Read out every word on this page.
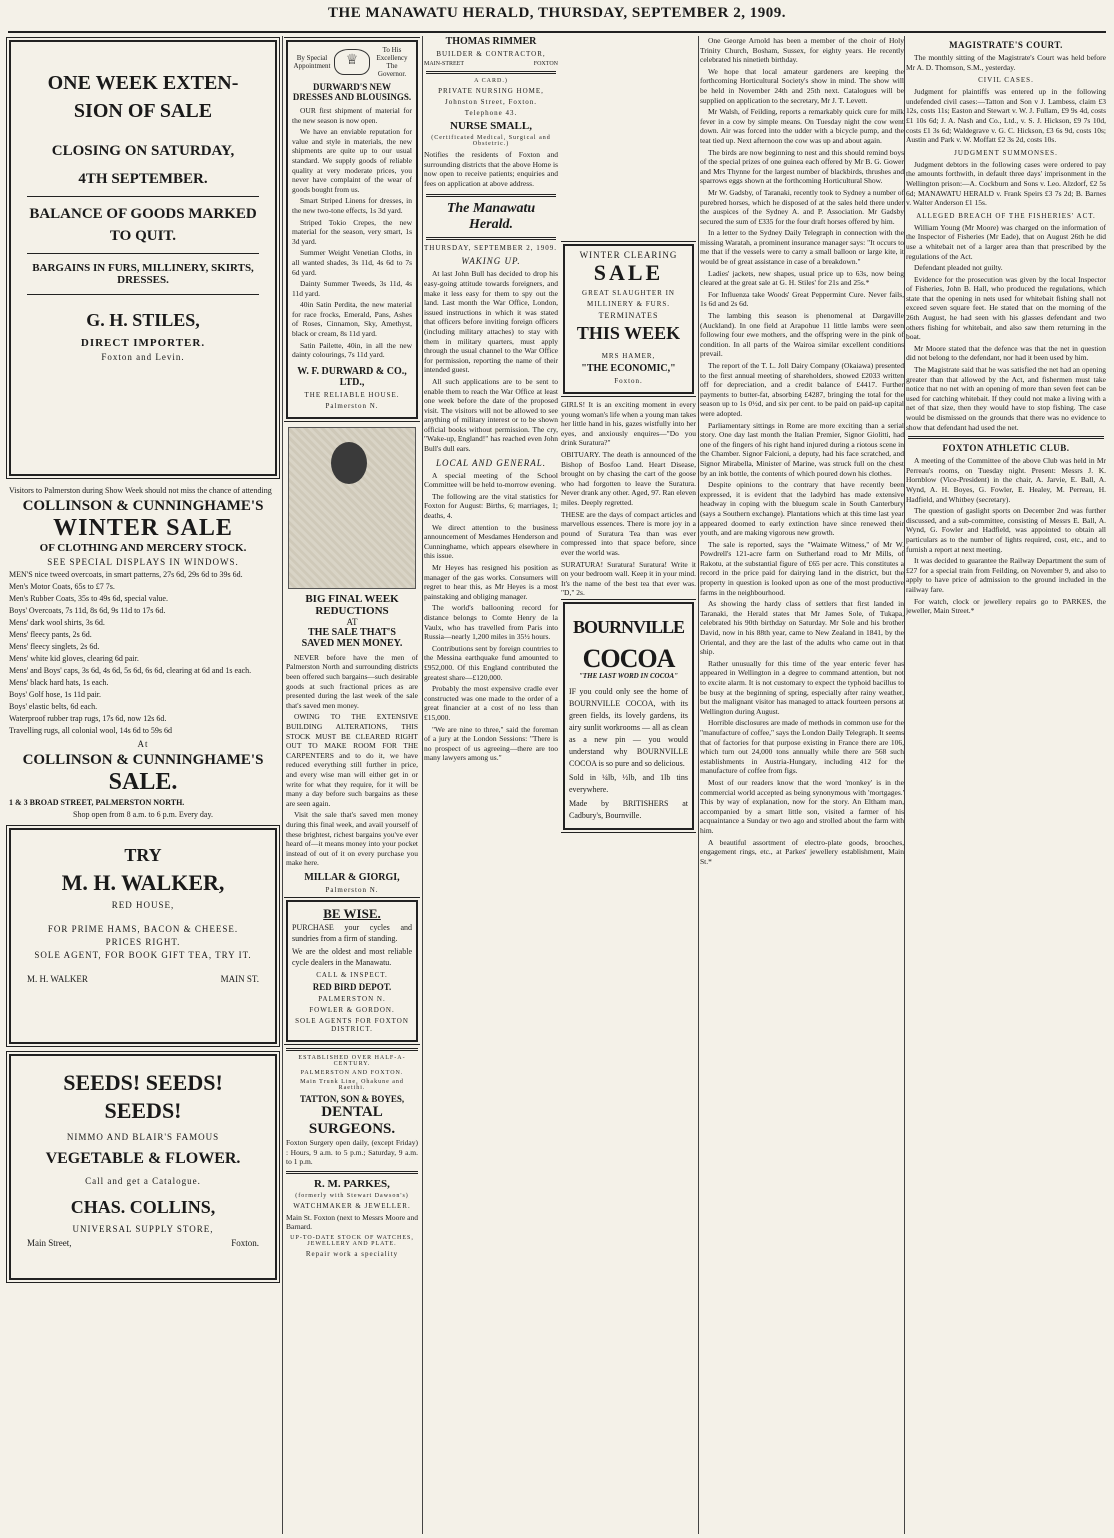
THE MANAWATU HERALD, THURSDAY, SEPTEMBER 2, 1909.
ONE WEEK EXTEN-
SION OF SALE
CLOSING ON SATURDAY,
4TH SEPTEMBER.
BALANCE OF GOODS MARKED TO QUIT.
BARGAINS IN FURS, MILLINERY, SKIRTS, DRESSES.
G. H. STILES,
DIRECT IMPORTER.
Foxton and Levin.
Visitors to Palmerston during Show Week should not miss the chance of attending
COLLINSON & CUNNINGHAME'S
WINTER SALE
OF CLOTHING AND MERCERY STOCK.
SEE SPECIAL DISPLAYS IN WINDOWS.
MEN'S nice tweed overcoats, in smart patterns, 27s 6d, 29s 6d to 39s 6d.
Men's Motor Coats, 65s to £7 7s.
Men's Rubber Coats, 35s to 49s 6d, special value.
Boys' Overcoats, 7s 11d, 8s 6d, 9s 11d to 17s 6d.
Mens' dark wool shirts, 3s 6d.
Mens' fleecy pants, 2s 6d.
Mens' fleecy singlets, 2s 6d.
Mens' white kid gloves, clearing 6d pair.
Mens' and Boys' caps, 3s 6d, 4s 6d, 5s 6d, 6s 6d, clearing at 6d and 1s each.
Mens' black hard hats, 1s each.
Boys' Golf hose, 1s 11d pair.
Boys' elastic belts, 6d each.
Waterproof rubber trap rugs, 17s 6d, now 12s 6d.
Travelling rugs, all colonial wool, 14s 6d to 59s 6d
At
COLLINSON & CUNNINGHAME'S
SALE.
1 & 3 BROAD STREET, PALMERSTON NORTH.
Shop open from 8 a.m. to 6 p.m. Every day.
TRY
M. H. WALKER,
RED HOUSE,
FOR PRIME HAMS, BACON & CHEESE.
PRICES RIGHT.
SOLE AGENT, FOR BOOK GIFT TEA, TRY IT.
M. H. WALKER	MAIN ST.
SEEDS! SEEDS!
SEEDS!
NIMMO AND BLAIR'S FAMOUS
VEGETABLE & FLOWER.
Call and get a Catalogue.
CHAS. COLLINS,
UNIVERSAL SUPPLY STORE,
Main Street,	Foxton.
By Special Appointment	♕
To His Excellency The Governor.
DURWARD'S NEW DRESSES AND BLOUSINGS.
OUR first shipment of material for the new season is now open.
We have an enviable reputation for value and style in materials, the new shipments are quite up to our usual standard. We supply goods of reliable quality at very moderate prices, you never have complaint of the wear of goods bought from us.
Smart Striped Linens for dresses, in the new two-tone effects, 1s 3d yard.
Striped Tokio Crepes, the new material for the season, very smart, 1s 3d yard.
Summer Weight Venetian Cloths, in all wanted shades, 3s 11d, 4s 6d to 7s 6d yard.
Dainty Summer Tweeds, 3s 11d, 4s 11d yard.
40in Satin Perdita, the new material for race frocks, Emerald, Pans, Ashes of Roses, Cinnamon, Sky, Amethyst, black or cream, 8s 11d yard.
Satin Pailette, 40in, in all the new dainty colourings, 7s 11d yard.
W. F. DURWARD & CO., LTD.,
THE RELIABLE HOUSE.
Palmerston N.
BIG FINAL WEEK
REDUCTIONS
AT
THE SALE THAT'S
SAVED MEN MONEY.
NEVER before have the men of Palmerston North and surrounding districts been offered such bargains—such desirable goods at such fractional prices as are presented during the last week of the sale that's saved men money.
OWING TO THE EXTENSIVE BUILDING ALTERATIONS, THIS STOCK MUST BE CLEARED RIGHT OUT TO MAKE ROOM FOR THE CARPENTERS and to do it, we have reduced everything still further in price, and every wise man will either get in or write for what they require, for it will be many a day before such bargains as these are seen again.
Visit the sale that's saved men money during this final week, and avail yourself of these brightest, richest bargains you've ever heard of—it means money into your pocket instead of out of it on every purchase you make here.
MILLAR & GIORGI,
Palmerston N.
BE WISE.
PURCHASE your cycles and sundries from a firm of standing.
We are the oldest and most reliable cycle dealers in the Manawatu.
CALL & INSPECT.
RED BIRD DEPOT.
PALMERSTON N.
FOWLER & GORDON.
SOLE AGENTS FOR FOXTON DISTRICT.
ESTABLISHED OVER HALF-A-CENTURY.
PALMERSTON AND FOXTON.
Main Trunk Line, Ohakune and Raetihi.
TATTON, SON & BOYES,
DENTAL SURGEONS.
Foxton Surgery open daily, (except Friday) : Hours, 9 a.m. to 5 p.m.; Saturday, 9 a.m. to 1 p.m.
R. M. PARKES,
(formerly with Stewart Dawson's)
WATCHMAKER & JEWELLER.
Main St. Foxton (next to Messrs Moore and Barnard.
UP-TO-DATE STOCK OF WATCHES, JEWELLERY AND PLATE.
Repair work a speciality
THOMAS RIMMER
BUILDER & CONTRACTOR,
MAIN-STREET	FOXTON
A CARD.)
PRIVATE NURSING HOME,
Johnston Street, Foxton.
Telephone 43.
NURSE SMALL,
(Certificated Medical, Surgical and Obstetric.)
Notifies the residents of Foxton and surrounding districts that the above Home is now open to receive patients; enquiries and fees on application at above address.
The Manawatu Herald.
THURSDAY, SEPTEMBER 2, 1909.
WAKING UP.
At last John Bull has decided to drop his easy-going attitude towards foreigners, and make it less easy for them to spy out the land. Last month the War Office, London, issued instructions in which it was stated that officers before inviting foreign officers (including military attaches) to stay with them in military quarters, must apply through the usual channel to the War Office for permission, reporting the name of their intended guest.
All such applications are to be sent to enable them to reach the War Office at least one week before the date of the proposed visit. The visitors will not be allowed to see anything of military interest or to be shown official books without permission. The cry, "Wake-up, England!" has reached even John Bull's dull ears.
LOCAL AND GENERAL.
A special meeting of the School Committee will be held to-morrow evening.
The following are the vital statistics for Foxton for August: Births, 6; marriages, 1; deaths, 4.
We direct attention to the business announcement of Mesdames Henderson and Cunninghame, which appears elsewhere in this issue.
Mr Heyes has resigned his position as manager of the gas works. Consumers will regret to hear this, as Mr Heyes is a most painstaking and obliging manager.
The world's ballooning record for distance belongs to Comte Henry de la Vaulx, who has travelled from Paris into Russia—nearly 1,200 miles in 35½ hours.
Contributions sent by foreign countries to the Messina earthquake fund amounted to £952,000. Of this England contributed the greatest share—£120,000.
Probably the most expensive cradle ever constructed was one made to the order of a great financier at a cost of no less than £15,000.
"We are nine to three," said the foreman of a jury at the London Sessions: "There is no prospect of us agreeing—there are too many lawyers among us."
WINTER CLEARING
SALE
GREAT SLAUGHTER IN
MILLINERY & FURS.
TERMINATES
THIS WEEK
MRS HAMER,
"THE ECONOMIC,"
Foxton.
GIRLS! It is an exciting moment in every young woman's life when a young man takes her little hand in his, gazes wistfully into her eyes, and anxiously enquires—"Do you drink Suratura?"
OBITUARY. The death is announced of the Bishop of Bosfoo Land. Heart Disease, brought on by chasing the cart of the goose who had forgotten to leave the Suratura. Never drank any other. Aged, 97. Ran eleven miles. Deeply regretted.
THESE are the days of compact articles and marvellous essences. There is more joy in a pound of Suratura Tea than was ever compressed into that space before, since ever the world was.
SURATURA! Suratura! Suratura! Write it on your bedroom wall. Keep it in your mind. It's the name of the best tea that ever was. "D," 2s.
BOURNVILLE
COCOA
"THE LAST WORD IN COCOA"
IF you could only see the home of BOURNVILLE COCOA, with its green fields, its lovely gardens, its airy sunlit workrooms — all as clean as a new pin — you would understand why BOURNVILLE COCOA is so pure and so delicious.
Sold in ¼lb, ½lb, and 1lb tins everywhere.
Made by BRITISHERS at Cadbury's, Bournville.
One George Arnold has been a member of the choir of Holy Trinity Church, Bosham, Sussex, for eighty years. He recently celebrated his ninetieth birthday.
We hope that local amateur gardeners are keeping the forthcoming Horticultural Society's show in mind. The show will be held in November 24th and 25th next. Catalogues will be supplied on application to the secretary, Mr J. T. Levett.
Mr Walsh, of Feilding, reports a remarkably quick cure for milk fever in a cow by simple means. On Tuesday night the cow went down. Air was forced into the udder with a bicycle pump, and the teat tied up. Next afternoon the cow was up and about again.
The birds are now beginning to nest and this should remind boys of the special prizes of one guinea each offered by Mr B. G. Gower and Mrs Thynne for the largest number of blackbirds, thrushes and sparrows eggs shown at the forthcoming Horticultural Show.
Mr W. Gadsby, of Taranaki, recently took to Sydney a number of purebred horses, which he disposed of at the sales held there under the auspices of the Sydney A. and P. Association. Mr Gadsby secured the sum of £335 for the four draft horses offered by him.
In a letter to the Sydney Daily Telegraph in connection with the missing Waratah, a prominent insurance manager says: "It occurs to me that if the vessels were to carry a small balloon or large kite, it would be of great assistance in case of a breakdown."
Ladies' jackets, new shapes, usual price up to 63s, now being cleared at the great sale at G. H. Stiles' for 21s and 25s.*
For Influenza take Woods' Great Peppermint Cure. Never fails, 1s 6d and 2s 6d.
The lambing this season is phenomenal at Dargaville (Auckland). In one field at Arapohue 11 little lambs were seen following four ewe mothers, and the offspring were in the pink of condition. In all parts of the Wairoa similar excellent conditions prevail.
The report of the T. L. Joll Dairy Company (Okaiawa) presented to the first annual meeting of shareholders, showed £2033 written off for depreciation, and a credit balance of £4417. Further payments to butter-fat, absorbing £4287, bringing the total for the season up to 1s 0½d, and six per cent. to be paid on paid-up capital were adopted.
Parliamentary sittings in Rome are more exciting than a serial story. One day last month the Italian Premier, Signor Giolitti, had one of the fingers of his right hand injured during a riotous scene in the Chamber. Signor Falcioni, a deputy, had his face scratched, and Signor Mirabella, Minister of Marine, was struck full on the chest by an ink bottle, the contents of which poured down his clothes.
Despite opinions to the contrary that have recently been expressed, it is evident that the ladybird has made extensive headway in coping with the bluegum scale in South Canterbury (says a Southern exchange). Plantations which at this time last year appeared doomed to early extinction have since renewed their youth, and are making vigorous new growth.
The sale is reported, says the "Waimate Witness," of Mr W. Powdrell's 121-acre farm on Sutherland road to Mr Mills, of Rakotu, at the substantial figure of £65 per acre. This constitutes a record in the price paid for dairying land in the district, but the property in question is looked upon as one of the most productive farms in the neighbourhood.
As showing the hardy class of settlers that first landed in Taranaki, the Herald states that Mr James Sole, of Tukapa, celebrated his 90th birthday on Saturday. Mr Sole and his brother David, now in his 88th year, came to New Zealand in 1841, by the Oriental, and they are the last of the adults who came out in that ship.
Rather unusually for this time of the year enteric fever has appeared in Wellington in a degree to command attention, but not to excite alarm. It is not customary to expect the typhoid bacillus to be busy at the beginning of spring, especially after rainy weather, but the malignant visitor has managed to attack fourteen persons at Wellington during August.
Horrible disclosures are made of methods in common use for the "manufacture of coffee," says the London Daily Telegraph. It seems that of factories for that purpose existing in France there are 106, which turn out 24,000 tons annually while there are 568 such establishments in Austria-Hungary, including 412 for the manufacture of coffee from figs.
Most of our readers know that the word 'monkey' is in the commercial world accepted as being synonymous with 'mortgages.' This by way of explanation, now for the story. An Eltham man, accompanied by a smart little son, visited a farmer of his acquaintance a Sunday or two ago and strolled about the farm with him.
A beautiful assortment of electro-plate goods, brooches, engagement rings, etc., at Parkes' jewellery establishment, Main St.*
MAGISTRATE'S COURT.
The monthly sitting of the Magistrate's Court was held before Mr A. D. Thomson, S.M., yesterday.
CIVIL CASES.
Judgment for plaintiffs was entered up in the following undefended civil cases:—Tatton and Son v J. Lambess, claim £3 12s, costs 11s; Easton and Stewart v. W. J. Fullam, £9 9s 4d, costs £1 10s 6d; J. A. Nash and Co., Ltd., v. S. J. Hickson, £9 7s 10d, costs £1 3s 6d; Waldegrave v. G. C. Hickson, £3 6s 9d, costs 10s; Austin and Park v. W. Moffatt £2 3s 2d, costs 10s.
JUDGMENT SUMMONSES.
Judgment debtors in the following cases were ordered to pay the amounts forthwith, in default three days' imprisonment in the Wellington prison:—A. Cockburn and Sons v. Leo. Alzdorf, £2 5s 6d; MANAWATU HERALD v. Frank Speirs £3 7s 2d; B. Barnes v. Walter Anderson £1 15s.
ALLEGED BREACH OF THE FISHERIES' ACT.
William Young (Mr Moore) was charged on the information of the Inspector of Fisheries (Mr Eade), that on August 26th he did use a whitebait net of a larger area than that prescribed by the regulations of the Act.
Defendant pleaded not guilty.
Evidence for the prosecution was given by the local Inspector of Fisheries, John B. Hall, who produced the regulations, which state that the opening in nets used for whitebait fishing shall not exceed seven square feet. He stated that on the morning of the 26th August, he had seen with his glasses defendant and two others fishing for whitebait, and also saw them returning in the boat.
Mr Moore stated that the defence was that the net in question did not belong to the defendant, nor had it been used by him.
The Magistrate said that he was satisfied the net had an opening greater than that allowed by the Act, and fishermen must take notice that no net with an opening of more than seven feet can be used for catching whitebait. If they could not make a living with a net of that size, then they would have to stop fishing. The case would be dismissed on the grounds that there was no evidence to show that defendant had used the net.
FOXTON ATHLETIC CLUB.
A meeting of the Committee of the above Club was held in Mr Perreau's rooms, on Tuesday night. Present: Messrs J. K. Hornblow (Vice-President) in the chair, A. Jarvie, E. Ball, A. Wynd, A. H. Boyes, G. Fowler, E. Healey, M. Perreau, H. Hadfield, and Whitbey (secretary).
The question of gaslight sports on December 2nd was further discussed, and a sub-committee, consisting of Messrs E. Ball, A. Wynd, G. Fowler and Hadfield, was appointed to obtain all particulars as to the number of lights required, cost, etc., and to furnish a report at next meeting.
It was decided to guarantee the Railway Department the sum of £27 for a special train from Feilding, on November 9, and also to apply to have price of admission to the ground included in the railway fare.
For watch, clock or jewellery repairs go to PARKES, the jeweller, Main Street.*
